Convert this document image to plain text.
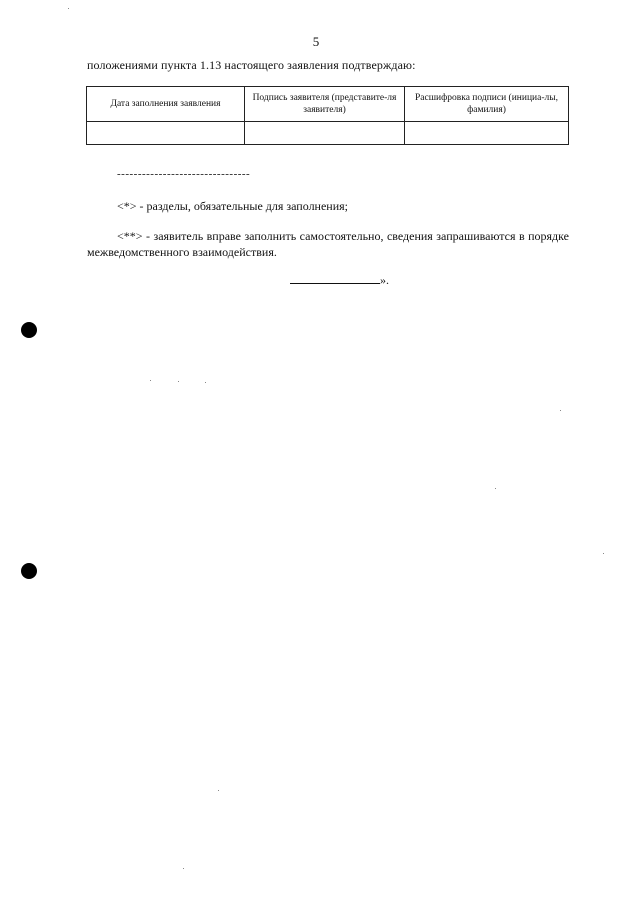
5
положениями пункта 1.13 настоящего заявления подтверждаю:
Дата заполнения заявления	Подпись заявителя (представите-ля заявителя)	Расшифровка подписи (инициа-лы, фамилия)

--------------------------------
<*> - разделы, обязательные для заполнения;
<**> - заявитель вправе заполнить самостоятельно, сведения запрашиваются в порядке межведомственного взаимодействия.
».
